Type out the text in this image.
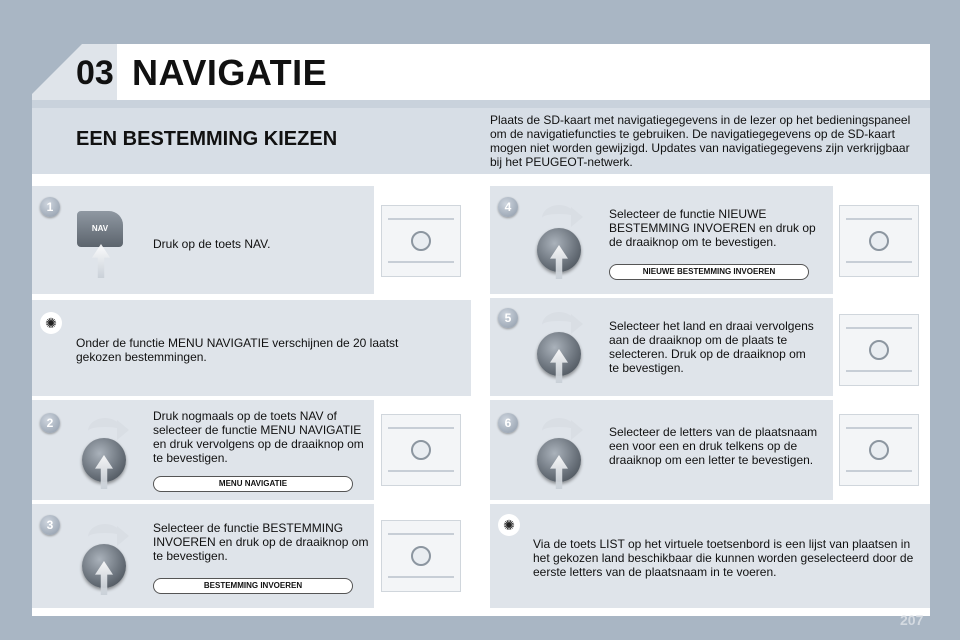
03 NAVIGATIE
EEN BESTEMMING KIEZEN
Plaats de SD-kaart met navigatiegegevens in de lezer op het bedieningspaneel om de navigatiefuncties te gebruiken. De navigatiegegevens op de SD-kaart mogen niet worden gewijzigd. Updates van navigatiegegevens zijn verkrijgbaar bij het PEUGEOT-netwerk.
1
NAV
Druk op de toets NAV.
✺
Onder de functie MENU NAVIGATIE verschijnen de 20 laatst gekozen bestemmingen.
2	Druk nogmaals op de toets NAV of selecteer de functie MENU NAVIGATIE en druk vervolgens op de draaiknop om te bevestigen.
MENU NAVIGATIE
3	Selecteer de functie BESTEMMING INVOEREN en druk op de draaiknop om te bevestigen.
BESTEMMING INVOEREN
4	Selecteer de functie NIEUWE BESTEMMING INVOEREN en druk op de draaiknop om te bevestigen.
NIEUWE BESTEMMING INVOEREN
5
Selecteer het land en draai vervolgens aan de draaiknop om de plaats te selecteren. Druk op de draaiknop om te bevestigen.
6
Selecteer de letters van de plaatsnaam een voor een en druk telkens op de draaiknop om een letter te bevestigen.
✺
Via de toets LIST op het virtuele toetsenbord is een lijst van plaatsen in het gekozen land beschikbaar die kunnen worden geselecteerd door de eerste letters van de plaatsnaam in te voeren.
207
